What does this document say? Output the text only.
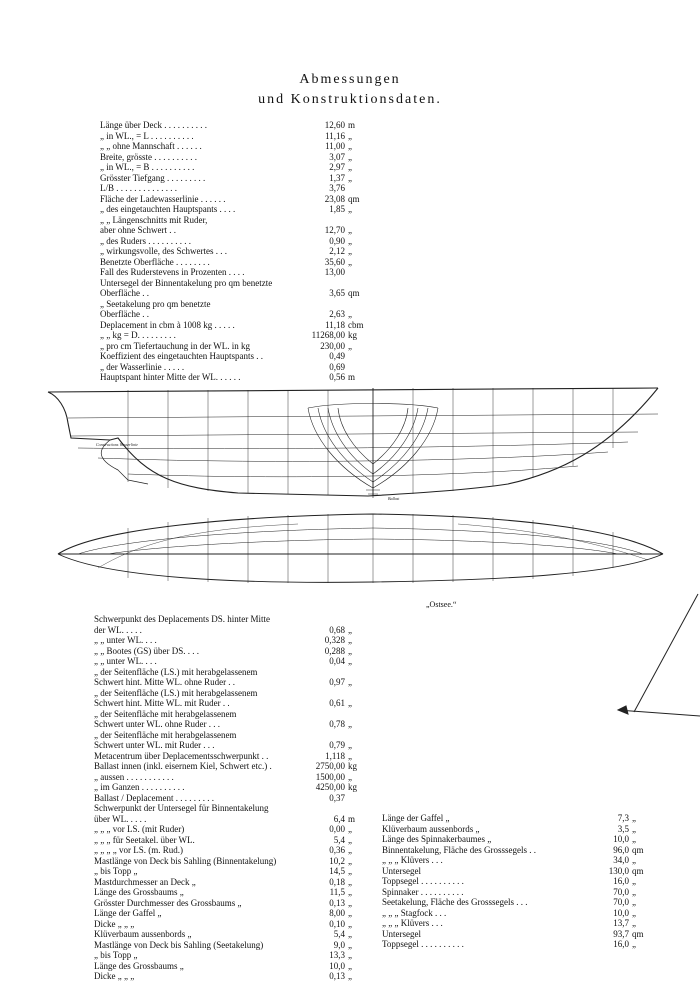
Abmessungen
und Konstruktionsdaten.
Länge über Deck . . . . . . . . . .	12,60 m
„ in WL., = L . . . . . . . . . .	11,16 „
„ „ ohne Mannschaft . . . . . .	11,00 „
Breite, grösste . . . . . . . . . .	3,07 „
„ in WL., = B . . . . . . . . . .	2,97 „
Grösster Tiefgang . . . . . . . . .	1,37 „
L/B . . . . . . . . . . . . . .	3,76
Fläche der Ladewasserlinie . . . . . .	23,08 qm
„ des eingetauchten Hauptspants . . . .	1,85 „
„ „ Längenschnitts mit Ruder,
aber ohne Schwert . .	12,70 „
„ des Ruders . . . . . . . . . .	0,90 „
„ wirkungsvolle, des Schwertes . . .	2,12 „
Benetzte Oberfläche . . . . . . . .	35,60 „
Fall des Ruderstevens in Prozenten . . . .	13,00
Untersegel der Binnentakelung pro qm benetzte
Oberfläche . .	3,65 qm
„ Seetakelung pro qm benetzte
Oberfläche . .	2,63 „
Deplacement in cbm à 1008 kg . . . . .	11,18 cbm
„ „ kg = D. . . . . . . . .	11268,00 kg
„ pro cm Tiefertauchung in der WL. in kg	230,00 „
Koeffizient des eingetauchten Hauptspants . .	0,49
„ der Wasserlinie . . . . .	0,69
Hauptspant hinter Mitte der WL. . . . . .	0,56 m
Constructions Wasserlinie
Ballast
„Ostsee.“
Schwerpunkt des Deplacements DS. hinter Mitte
der WL. . . . .	0,68 „
„ „ unter WL. . . .	0,328 „
„ „ Bootes (GS) über DS. . . .	0,288 „
„ „ unter WL. . . .	0,04 „
„ der Seitenfläche (LS.) mit herabgelassenem
Schwert hint. Mitte WL. ohne Ruder . .	0,97 „
„ der Seitenfläche (LS.) mit herabgelassenem
Schwert hint. Mitte WL. mit Ruder . .	0,61 „
„ der Seitenfläche mit herabgelassenem
Schwert unter WL. ohne Ruder . . .	0,78 „
„ der Seitenfläche mit herabgelassenem
Schwert unter WL. mit Ruder . . .	0,79 „
Metacentrum über Deplacementsschwerpunkt . .	1,118 „
Ballast innen (inkl. eisernem Kiel, Schwert etc.) .	2750,00 kg
„ aussen . . . . . . . . . . .	1500,00 „
„ im Ganzen . . . . . . . . . .	4250,00 kg
Ballast / Deplacement . . . . . . . . .	0,37
Schwerpunkt der Untersegel für Binnentakelung
über WL. . . . .	6,4 m
„ „ „ vor LS. (mit Ruder)	0,00 „
„ „ „ für Seetakel. über WL.	5,4 „
„ „ „ „ vor LS. (m. Rud.)	0,36 „
Mastlänge von Deck bis Sahling (Binnentakelung)	10,2 „
„ bis Topp „	14,5 „
Mastdurchmesser an Deck „	0,18 „
Länge des Grossbaums „	11,5 „
Grösster Durchmesser des Grossbaums „	0,13 „
Länge der Gaffel „	8,00 „
Dicke „ „ „	0,10 „
Klüverbaum aussenbords „	5,4 „
Mastlänge von Deck bis Sahling (Seetakelung)	9,0 „
„ bis Topp „	13,3 „
Länge des Grossbaums „	10,0 „
Dicke „ „ „	0,13 „
Länge der Gaffel „	7,3 „
Klüverbaum aussenbords „	3,5 „
Länge des Spinnakerbaumes „	10,0 „
Binnentakelung, Fläche des Grosssegels . .	96,0 qm
„ „ „ Klüvers . . .	34,0 „
Untersegel	130,0 qm
Toppsegel . . . . . . . . . .	16,0 „
Spinnaker . . . . . . . . . .	70,0 „
Seetakelung, Fläche des Grosssegels . . .	70,0 „
„ „ „ Stagfock . . .	10,0 „
„ „ „ Klüvers . . .	13,7 „
Untersegel	93,7 qm
Toppsegel . . . . . . . . . .	16,0 „
